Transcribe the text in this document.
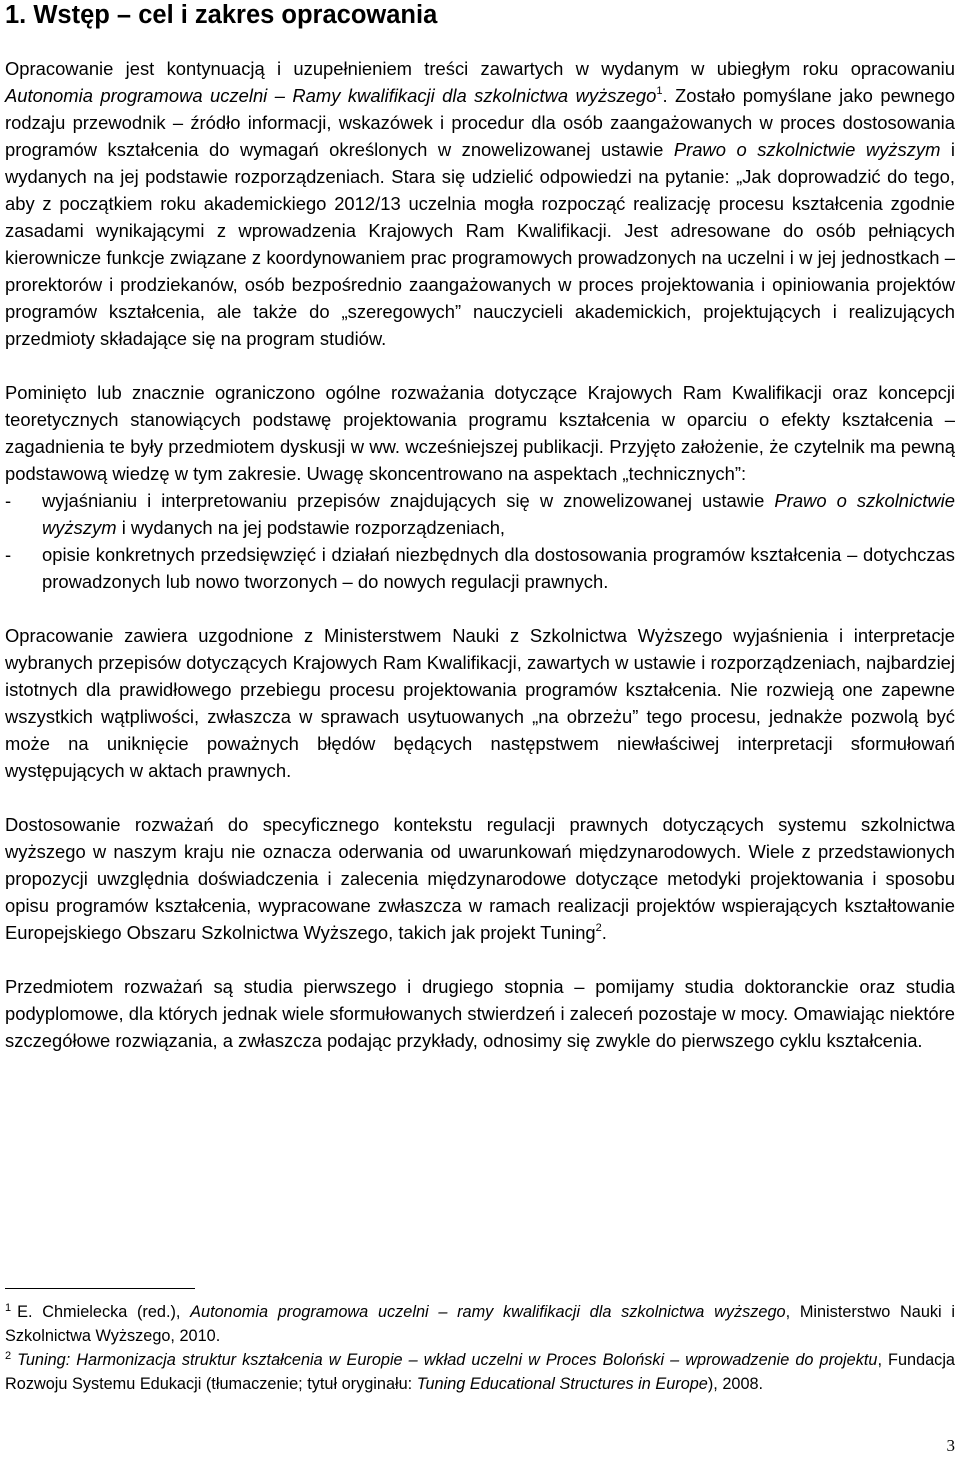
1. Wstęp – cel i zakres opracowania

Opracowanie jest kontynuacją i uzupełnieniem treści zawartych w wydanym w ubiegłym roku opracowaniu Autonomia programowa uczelni – Ramy kwalifikacji dla szkolnictwa wyższego$^1$. Zostało pomyślane jako pewnego rodzaju przewodnik – źródło informacji, wskazówek i procedur dla osób zaangażowanych w proces dostosowania programów kształcenia do wymagań określonych w znowelizowanej ustawie Prawo o szkolnictwie wyższym i wydanych na jej podstawie rozporządzeniach. Stara się udzielić odpowiedzi na pytanie: „Jak doprowadzić do tego, aby z początkiem roku akademickiego 2012/13 uczelnia mogła rozpocząć realizację procesu kształcenia zgodnie zasadami wynikającymi z wprowadzenia Krajowych Ram Kwalifikacji. Jest adresowane do osób pełniących kierownicze funkcje związane z koordynowaniem prac programowych prowadzonych na uczelni i w jej jednostkach – prorektorów i prodziekanów, osób bezpośrednio zaangażowanych w proces projektowania i opiniowania projektów programów kształcenia, ale także do „szeregowych” nauczycieli akademickich, projektujących i realizujących przedmioty składające się na program studiów.

Pominięto lub znacznie ograniczono ogólne rozważania dotyczące Krajowych Ram Kwalifikacji oraz koncepcji teoretycznych stanowiących podstawę projektowania programu kształcenia w oparciu o efekty kształcenia – zagadnienia te były przedmiotem dyskusji w ww. wcześniejszej publikacji. Przyjęto założenie, że czytelnik ma pewną podstawową wiedzę w tym zakresie. Uwagę skoncentrowano na aspektach „technicznych”:

- wyjaśnianiu i interpretowaniu przepisów znajdujących się w znowelizowanej ustawie Prawo o szkolnictwie wyższym i wydanych na jej podstawie rozporządzeniach,
- opisie konkretnych przedsięwzięć i działań niezbędnych dla dostosowania programów kształcenia – dotychczas prowadzonych lub nowo tworzonych – do nowych regulacji prawnych.

Opracowanie zawiera uzgodnione z Ministerstwem Nauki z Szkolnictwa Wyższego wyjaśnienia i interpretacje wybranych przepisów dotyczących Krajowych Ram Kwalifikacji, zawartych w ustawie i rozporządzeniach, najbardziej istotnych dla prawidłowego przebiegu procesu projektowania programów kształcenia. Nie rozwieją one zapewne wszystkich wątpliwości, zwłaszcza w sprawach usytuowanych „na obrzeżu” tego procesu, jednakże pozwolą być może na uniknięcie poważnych błędów będących następstwem niewłaściwej interpretacji sformułowań występujących w aktach prawnych.

Dostosowanie rozważań do specyficznego kontekstu regulacji prawnych dotyczących systemu szkolnictwa wyższego w naszym kraju nie oznacza oderwania od uwarunkowań międzynarodowych. Wiele z przedstawionych propozycji uwzględnia doświadczenia i zalecenia międzynarodowe dotyczące metodyki projektowania i sposobu opisu programów kształcenia, wypracowane zwłaszcza w ramach realizacji projektów wspierających kształtowanie Europejskiego Obszaru Szkolnictwa Wyższego, takich jak projekt Tuning$^2$.

Przedmiotem rozważań są studia pierwszego i drugiego stopnia – pomijamy studia doktoranckie oraz studia podyplomowe, dla których jednak wiele sformułowanych stwierdzeń i zaleceń pozostaje w mocy. Omawiając niektóre szczegółowe rozwiązania, a zwłaszcza podając przykłady, odnosimy się zwykle do pierwszego cyklu kształcenia.

$^1$ E. Chmielecka (red.), Autonomia programowa uczelni – ramy kwalifikacji dla szkolnictwa wyższego, Ministerstwo Nauki i Szkolnictwa Wyższego, 2010.

$^2$ Tuning: Harmonizacja struktur kształcenia w Europie – wkład uczelni w Proces Boloński – wprowadzenie do projektu, Fundacja Rozwoju Systemu Edukacji (tłumaczenie; tytuł oryginału: Tuning Educational Structures in Europe), 2008.

3
